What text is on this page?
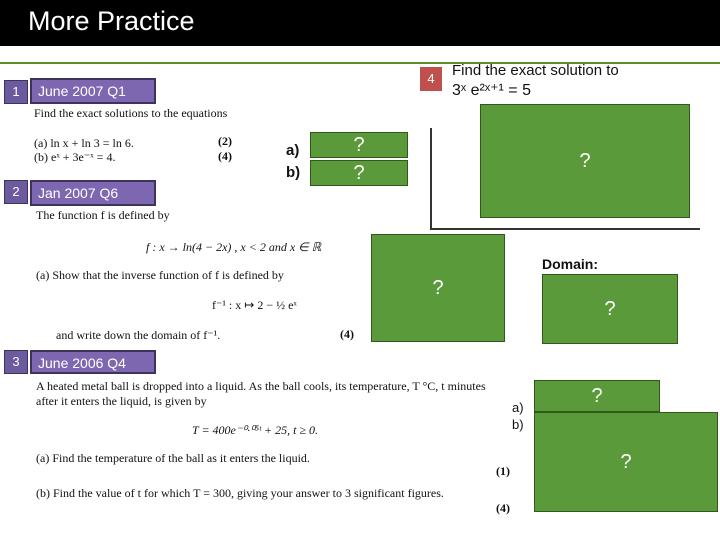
More Practice
1	June 2007 Q1
Find the exact solutions to the equations
(a) ln x + ln 3 = ln 6.	(2)
(b) eˣ + 3e⁻ˣ = 4.	(4)	a)
b)
?
?
2	Jan 2007 Q6
The function f is defined by
f : x → ln(4 − 2x) , x < 2 and x ∈ ℝ
(a) Show that the inverse function of f is defined by
f⁻¹ : x ↦ 2 − ½ eˣ
and write down the domain of f⁻¹.	(4)
?
Domain:
?
3	June 2006 Q4
A heated metal ball is dropped into a liquid. As the ball cools, its temperature, T °C, t minutes
after it enters the liquid, is given by
T = 400e⁻⁰·⁰⁵ᵗ + 25, t ≥ 0.
(a) Find the temperature of the ball as it enters the liquid.
(1)
(b) Find the value of t for which T = 300, giving your answer to 3 significant figures.
(4)
a)
b)
?
?
4	Find the exact solution to
3ˣ e²ˣ⁺¹ = 5
?
